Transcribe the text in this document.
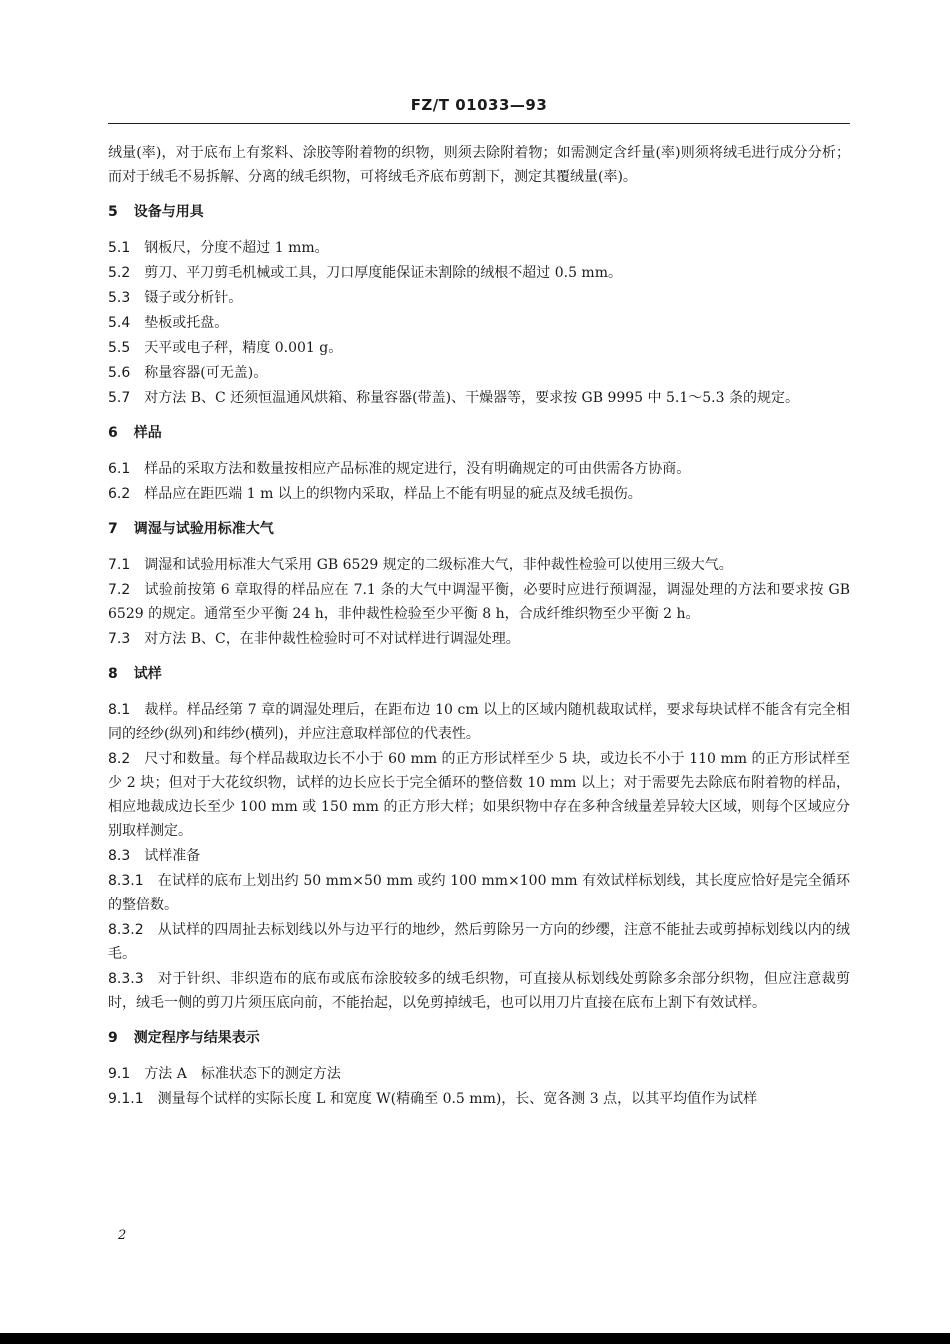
FZ/T 01033—93
绒量(率)，对于底布上有浆料、涂胶等附着物的织物，则须去除附着物；如需测定含纤量(率)则须将绒毛进行成分分析；而对于绒毛不易拆解、分离的绒毛织物，可将绒毛齐底布剪割下，测定其覆绒量(率)。
5 设备与用具
5.1 钢板尺，分度不超过 1 mm。
5.2 剪刀、平刀剪毛机械或工具，刀口厚度能保证未割除的绒根不超过 0.5 mm。
5.3 镊子或分析针。
5.4 垫板或托盘。
5.5 天平或电子秤，精度 0.001 g。
5.6 称量容器(可无盖)。
5.7 对方法 B、C 还须恒温通风烘箱、称量容器(带盖)、干燥器等，要求按 GB 9995 中 5.1～5.3 条的规定。
6 样品
6.1 样品的采取方法和数量按相应产品标准的规定进行，没有明确规定的可由供需各方协商。
6.2 样品应在距匹端 1 m 以上的织物内采取，样品上不能有明显的疵点及绒毛损伤。
7 调湿与试验用标准大气
7.1 调湿和试验用标准大气采用 GB 6529 规定的二级标准大气，非仲裁性检验可以使用三级大气。
7.2 试验前按第 6 章取得的样品应在 7.1 条的大气中调湿平衡，必要时应进行预调湿，调湿处理的方法和要求按 GB 6529 的规定。通常至少平衡 24 h，非仲裁性检验至少平衡 8 h，合成纤维织物至少平衡 2 h。
7.3 对方法 B、C，在非仲裁性检验时可不对试样进行调湿处理。
8 试样
8.1 裁样。样品经第 7 章的调湿处理后，在距布边 10 cm 以上的区域内随机裁取试样，要求每块试样不能含有完全相同的经纱(纵列)和纬纱(横列)，并应注意取样部位的代表性。
8.2 尺寸和数量。每个样品裁取边长不小于 60 mm 的正方形试样至少 5 块，或边长不小于 110 mm 的正方形试样至少 2 块；但对于大花纹织物，试样的边长应长于完全循环的整倍数 10 mm 以上；对于需要先去除底布附着物的样品，相应地裁成边长至少 100 mm 或 150 mm 的正方形大样；如果织物中存在多种含绒量差异较大区域，则每个区域应分别取样测定。
8.3 试样准备
8.3.1 在试样的底布上划出约 50 mm×50 mm 或约 100 mm×100 mm 有效试样标划线，其长度应恰好是完全循环的整倍数。
8.3.2 从试样的四周扯去标划线以外与边平行的地纱，然后剪除另一方向的纱缨，注意不能扯去或剪掉标划线以内的绒毛。
8.3.3 对于针织、非织造布的底布或底布涂胶较多的绒毛织物，可直接从标划线处剪除多余部分织物，但应注意裁剪时，绒毛一侧的剪刀片须压底向前，不能抬起，以免剪掉绒毛，也可以用刀片直接在底布上割下有效试样。
9 测定程序与结果表示
9.1 方法 A　标准状态下的测定方法
9.1.1 测量每个试样的实际长度 L 和宽度 W(精确至 0.5 mm)，长、宽各测 3 点，以其平均值作为试样
2
